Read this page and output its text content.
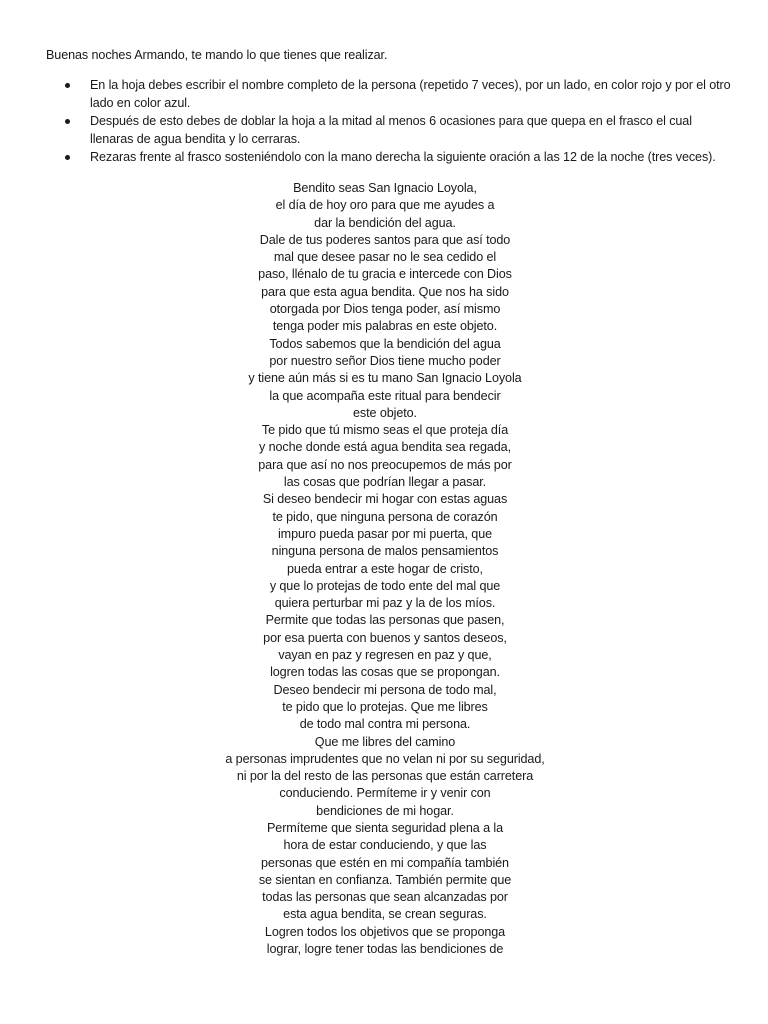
Buenas noches Armando, te mando lo que tienes que realizar.
En la hoja debes escribir el nombre completo de la persona (repetido 7 veces), por un lado, en color rojo y por el otro lado en color azul.
Después de esto debes de doblar la hoja a la mitad al menos 6 ocasiones para que quepa en el frasco el cual llenaras de agua bendita y lo cerraras.
Rezaras frente al frasco sosteniéndolo con la mano derecha la siguiente oración a las 12 de la noche (tres veces).
Bendito seas San Ignacio Loyola,
el día de hoy oro para que me ayudes a
dar la bendición del agua.
Dale de tus poderes santos para que así todo
mal que desee pasar no le sea cedido el
paso, llénalo de tu gracia e intercede con Dios
para que esta agua bendita. Que nos ha sido
otorgada por Dios tenga poder, así mismo
tenga poder mis palabras en este objeto.
Todos sabemos que la bendición del agua
por nuestro señor Dios tiene mucho poder
y tiene aún más si es tu mano San Ignacio Loyola
la que acompaña este ritual para bendecir
este objeto.
Te pido que tú mismo seas el que proteja día
y noche donde está agua bendita sea regada,
para que así no nos preocupemos de más por
las cosas que podrían llegar a pasar.
Si deseo bendecir mi hogar con estas aguas
te pido, que ninguna persona de corazón
impuro pueda pasar por mi puerta, que
ninguna persona de malos pensamientos
pueda entrar a este hogar de cristo,
y que lo protejas de todo ente del mal que
quiera perturbar mi paz y la de los míos.
Permite que todas las personas que pasen,
por esa puerta con buenos y santos deseos,
vayan en paz y regresen en paz y que,
logren todas las cosas que se propongan.
Deseo bendecir mi persona de todo mal,
te pido que lo protejas. Que me libres
de todo mal contra mi persona.
Que me libres del camino
a personas imprudentes que no velan ni por su seguridad,
ni por la del resto de las personas que están carretera
conduciendo. Permíteme ir y venir con
bendiciones de mi hogar.
Permíteme que sienta seguridad plena a la
hora de estar conduciendo, y que las
personas que estén en mi compañía también
se sientan en confianza. También permite que
todas las personas que sean alcanzadas por
esta agua bendita, se crean seguras.
Logren todos los objetivos que se proponga
lograr, logre tener todas las bendiciones de
